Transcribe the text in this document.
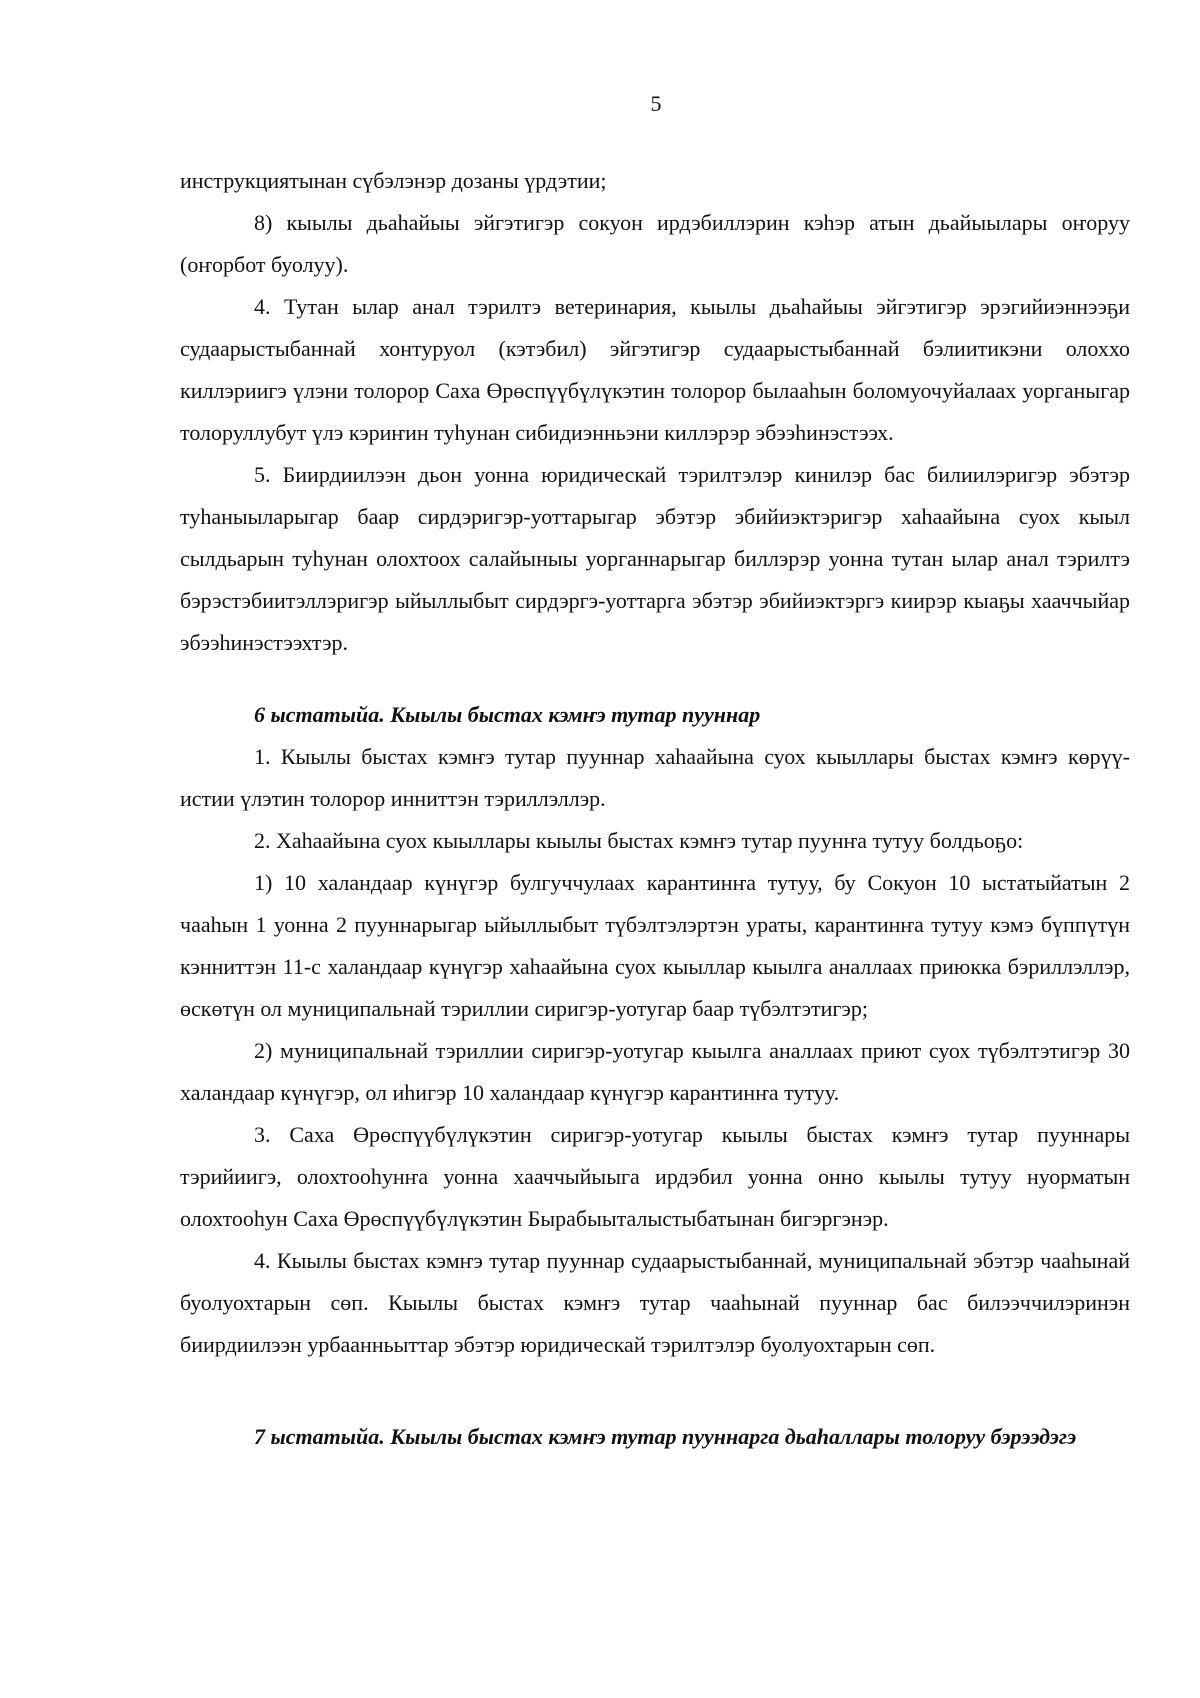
5

инструкциятынан сүбэлэнэр дозаны үрдэтии;

8) кыылы дьаһайыы эйгэтигэр сокуон ирдэбиллэрин кэһэр атын дьайыылары оҥоруу (оҥорбот буолуу).

4. Тутан ылар анал тэрилтэ ветеринария, кыылы дьаһайыы эйгэтигэр эрэгийиэннээҕи судаарыстыбаннай хонтуруол (кэтэбил) эйгэтигэр судаарыстыбаннай бэлиитикэни олоххо киллэриигэ үлэни толорор Саха Өрөспүүбүлүкэтин толорор былааһын боломуочуйалаах уорганыгар толоруллубут үлэ кэриҥин туһунан сибидиэнньэни киллэрэр эбээһинэстээх.

5. Биирдиилээн дьон уонна юридическай тэрилтэлэр кинилэр бас билиилэригэр эбэтэр туһаныыларыгар баар сирдэригэр-уоттарыгар эбэтэр эбийиэктэригэр хаһаайына суох кыыл сылдьарын туһунан олохтоох салайыныы уорганнарыгар биллэрэр уонна тутан ылар анал тэрилтэ бэрэстэбиитэллэригэр ыйыллыбыт сирдэргэ-уоттарга эбэтэр эбийиэктэргэ киирэр кыаҕы хааччыйар эбээһинэстээхтэр.

6 ыстатыйа. Кыылы быстах кэмҥэ тутар пууннар

1. Кыылы быстах кэмҥэ тутар пууннар хаһаайына суох кыыллары быстах кэмҥэ көрүү-истии үлэтин толорор инниттэн тэриллэллэр.

2. Хаһаайына суох кыыллары кыылы быстах кэмҥэ тутар пуунҥа тутуу болдьоҕо:

1) 10 халандаар күнүгэр булгуччулаах карантинҥа тутуу, бу Сокуон 10 ыстатыйатын 2 чааһын 1 уонна 2 пууннарыгар ыйыллыбыт түбэлтэлэртэн ураты, карантинҥа тутуу кэмэ бүппүтүн кэнниттэн 11-с халандаар күнүгэр хаһаайына суох кыыллар кыылга аналлаах приюкка бэриллэллэр, өскөтүн ол муниципальнай тэриллии сиригэр-уотугар баар түбэлтэтигэр;

2) муниципальнай тэриллии сиригэр-уотугар кыылга аналлаах приют суох түбэлтэтигэр 30 халандаар күнүгэр, ол иһигэр 10 халандаар күнүгэр карантинҥа тутуу.

3. Саха Өрөспүүбүлүкэтин сиригэр-уотугар кыылы быстах кэмҥэ тутар пууннары тэрийиигэ, олохтооһунҥа уонна хааччыйыыга ирдэбил уонна онно кыылы тутуу нуорматын олохтооһун Саха Өрөспүүбүлүкэтин Бырабыыталыстыбатынан бигэргэнэр.

4. Кыылы быстах кэмҥэ тутар пууннар судаарыстыбаннай, муниципальнай эбэтэр чааһынай буолуохтарын сөп. Кыылы быстах кэмҥэ тутар чааһынай пууннар бас билээччилэринэн биирдиилээн урбаанньыттар эбэтэр юридическай тэрилтэлэр буолуохтарын сөп.

7 ыстатыйа. Кыылы быстах кэмҥэ тутар пууннарга дьаһаллары толоруу бэрээдэгэ
